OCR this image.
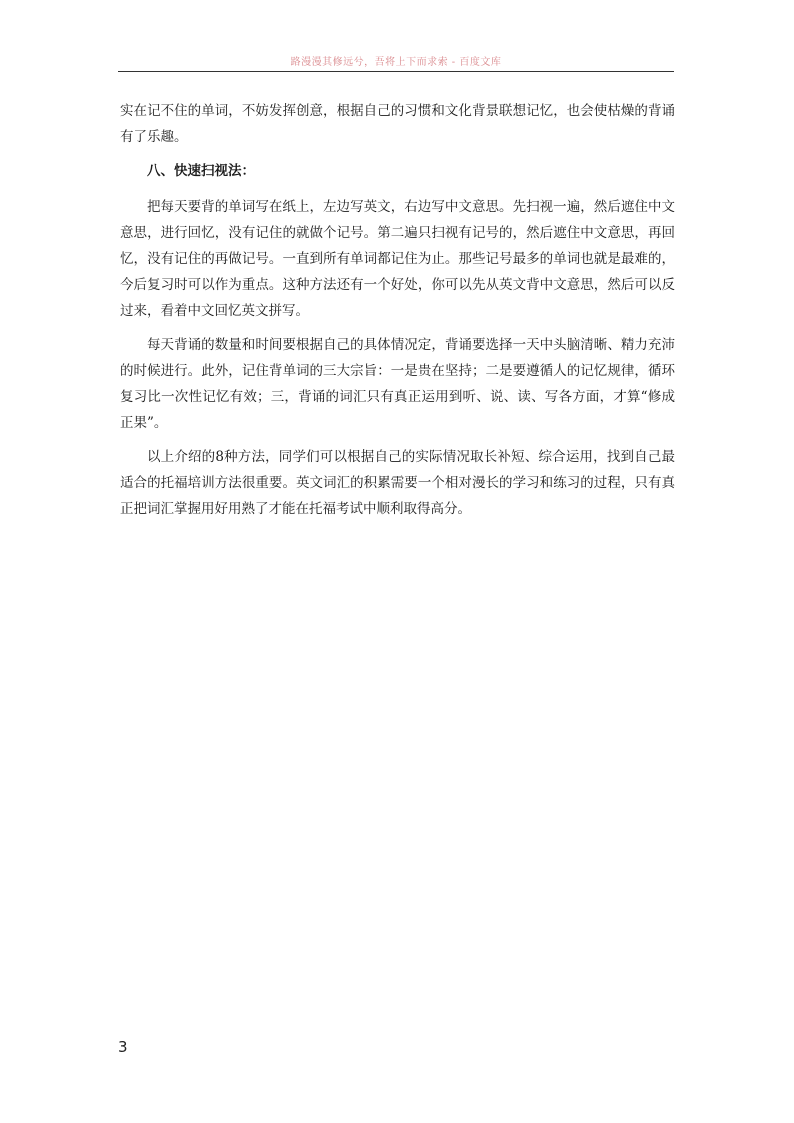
路漫漫其修远兮，吾将上下而求索 - 百度文库

实在记不住的单词，不妨发挥创意，根据自己的习惯和文化背景联想记忆，也会使枯燥的背诵有了乐趣。

八、快速扫视法：

把每天要背的单词写在纸上，左边写英文，右边写中文意思。先扫视一遍，然后遮住中文意思，进行回忆，没有记住的就做个记号。第二遍只扫视有记号的，然后遮住中文意思，再回忆，没有记住的再做记号。一直到所有单词都记住为止。那些记号最多的单词也就是最难的，今后复习时可以作为重点。这种方法还有一个好处，你可以先从英文背中文意思，然后可以反过来，看着中文回忆英文拼写。

每天背诵的数量和时间要根据自己的具体情况定，背诵要选择一天中头脑清晰、精力充沛的时候进行。此外，记住背单词的三大宗旨：一是贵在坚持；二是要遵循人的记忆规律，循环复习比一次性记忆有效；三，背诵的词汇只有真正运用到听、说、读、写各方面，才算“修成正果”。

以上介绍的8种方法，同学们可以根据自己的实际情况取长补短、综合运用，找到自己最适合的托福培训方法很重要。英文词汇的积累需要一个相对漫长的学习和练习的过程，只有真正把词汇掌握用好用熟了才能在托福考试中顺利取得高分。

3
